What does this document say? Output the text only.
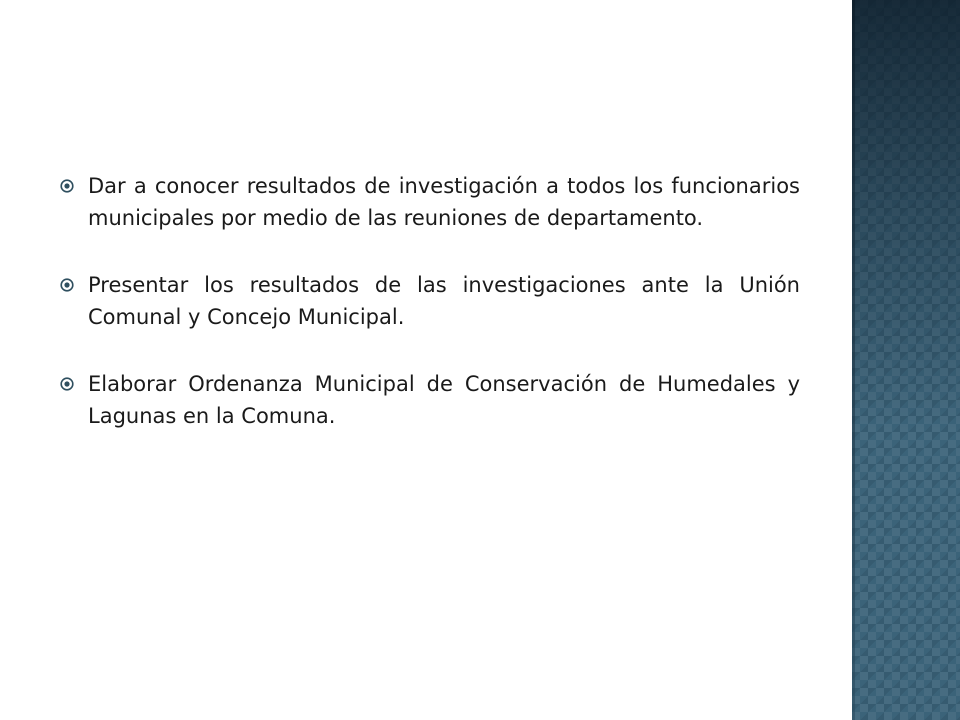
Dar a conocer resultados de investigación a todos los funcionarios municipales por medio de las reuniones de departamento.
Presentar los resultados de las investigaciones ante la Unión Comunal y Concejo Municipal.
Elaborar Ordenanza Municipal de Conservación de Humedales y Lagunas en la Comuna.
